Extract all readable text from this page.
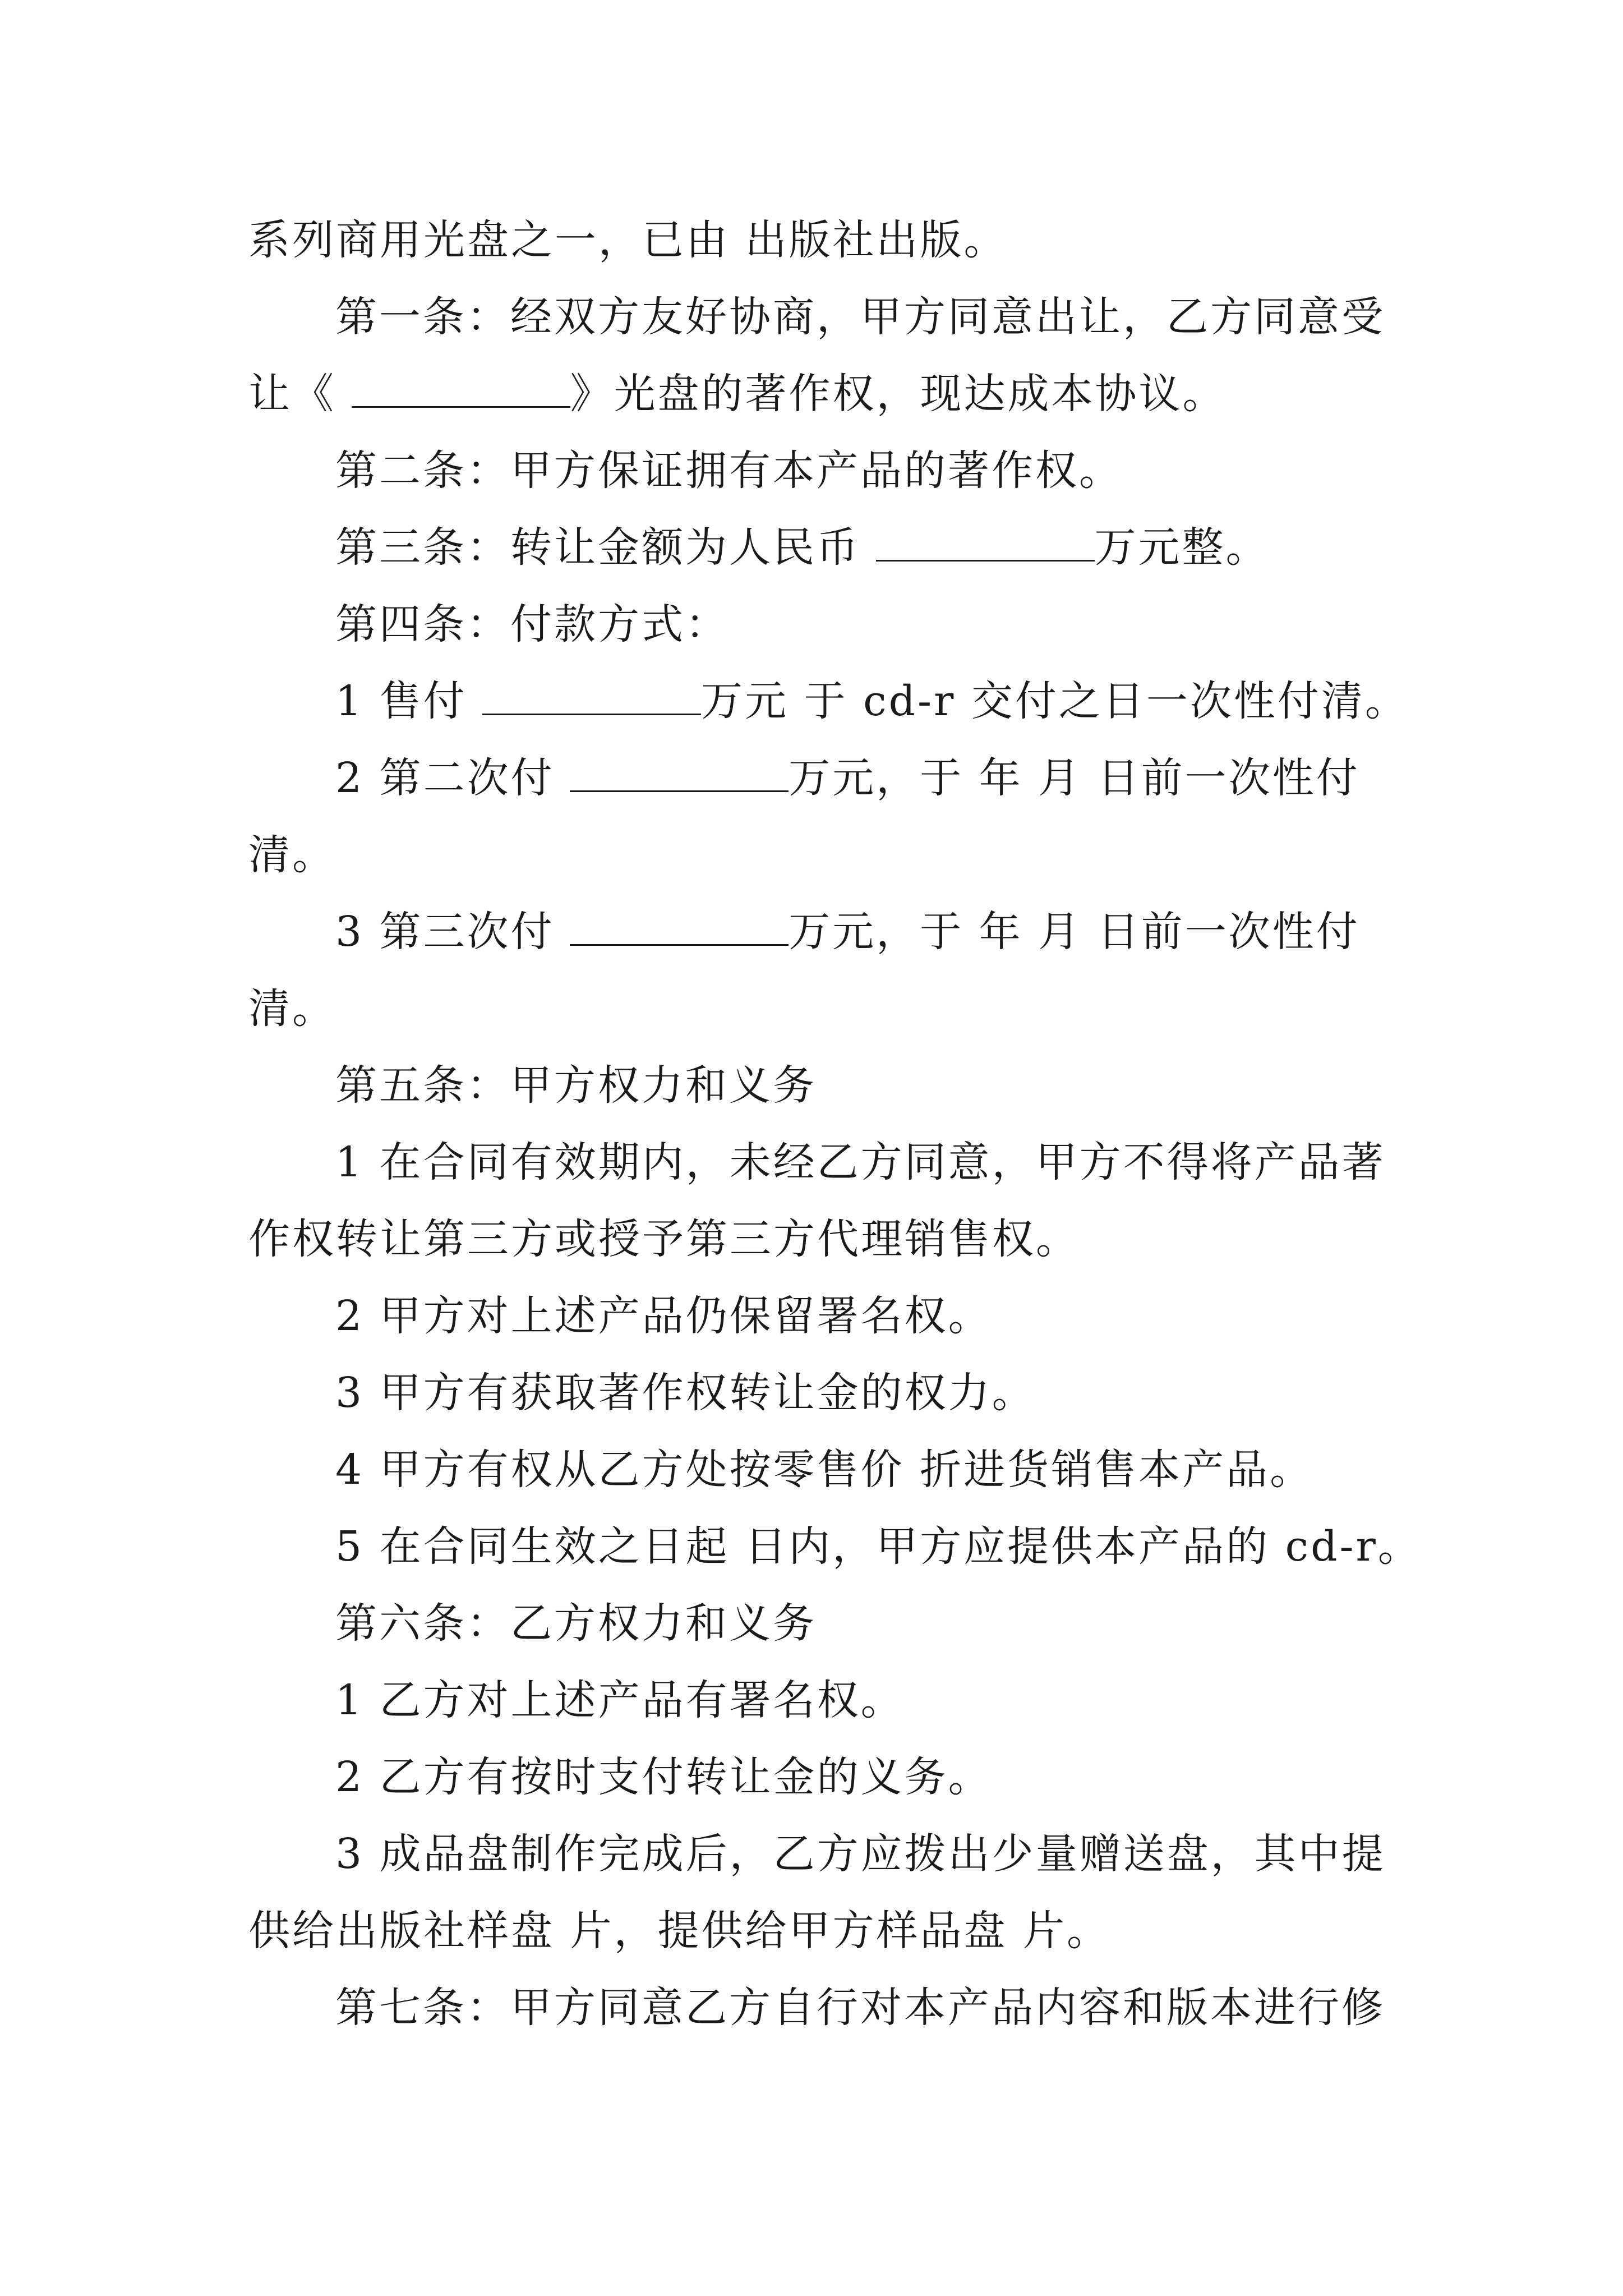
系列商用光盘之一，已由 出版社出版。
第一条：经双方友好协商，甲方同意出让，乙方同意受
让《	》光盘的著作权，现达成本协议。
第二条：甲方保证拥有本产品的著作权。
第三条：转让金额为人民币	万元整。
第四条：付款方式：
1 售付	万元 于 cd-r 交付之日一次性付清。
2 第二次付	万元，于 年 月 日前一次性付
清。
3 第三次付	万元，于 年 月 日前一次性付
清。
第五条：甲方权力和义务
1 在合同有效期内，未经乙方同意，甲方不得将产品著
作权转让第三方或授予第三方代理销售权。
2 甲方对上述产品仍保留署名权。
3 甲方有获取著作权转让金的权力。
4 甲方有权从乙方处按零售价 折进货销售本产品。
5 在合同生效之日起 日内，甲方应提供本产品的 cd-r。
第六条：乙方权力和义务
1 乙方对上述产品有署名权。
2 乙方有按时支付转让金的义务。
3 成品盘制作完成后，乙方应拨出少量赠送盘，其中提
供给出版社样盘 片，提供给甲方样品盘 片。
第七条：甲方同意乙方自行对本产品内容和版本进行修
